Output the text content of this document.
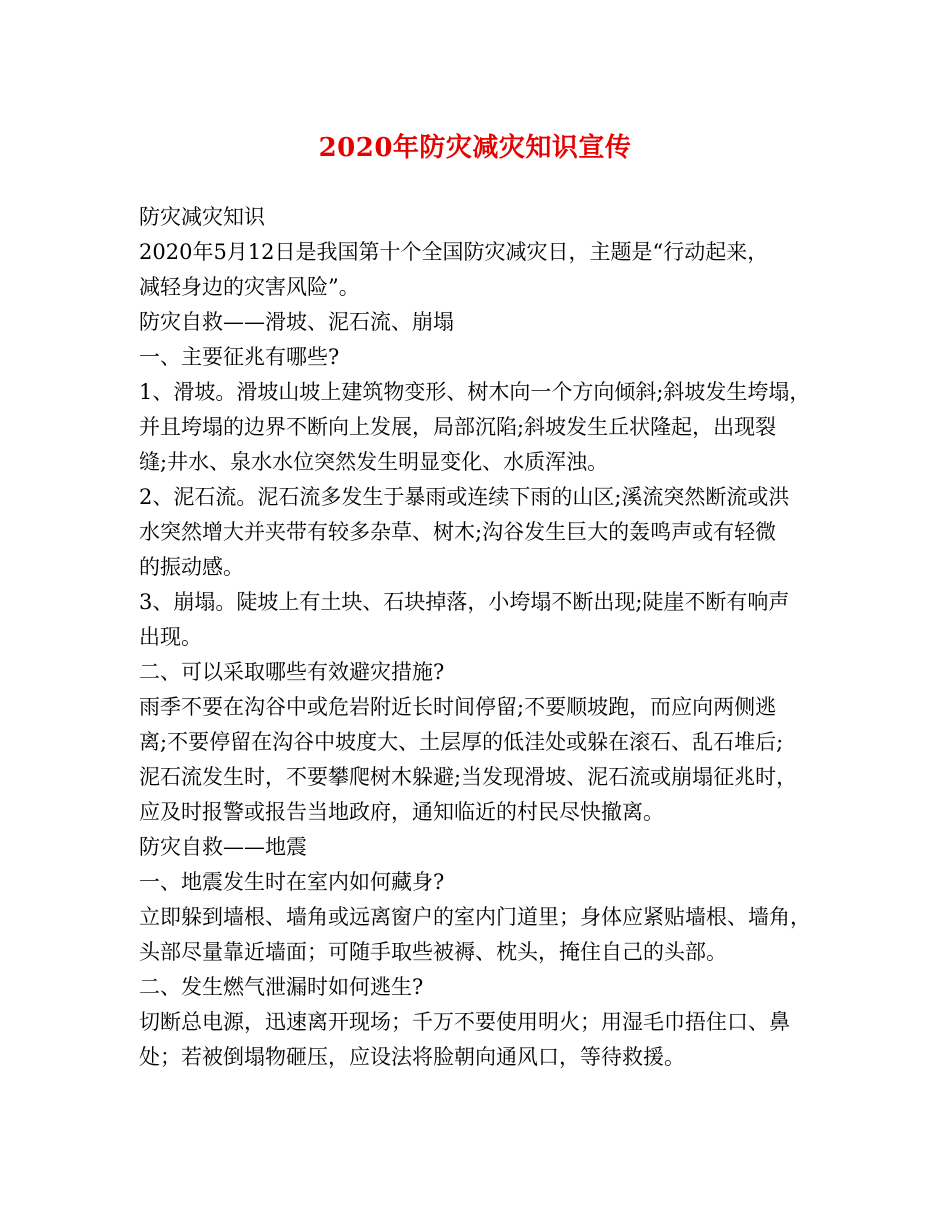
2020年防灾减灾知识宣传

防灾减灾知识

2020年5月12日是我国第十个全国防灾减灾日，主题是“行动起来，

减轻身边的灾害风险”。

防灾自救——滑坡、泥石流、崩塌

一、主要征兆有哪些?

1、滑坡。滑坡山坡上建筑物变形、树木向一个方向倾斜;斜坡发生垮塌，

并且垮塌的边界不断向上发展，局部沉陷;斜坡发生丘状隆起，出现裂

缝;井水、泉水水位突然发生明显变化、水质浑浊。

2、泥石流。泥石流多发生于暴雨或连续下雨的山区;溪流突然断流或洪

水突然增大并夹带有较多杂草、树木;沟谷发生巨大的轰鸣声或有轻微

的振动感。

3、崩塌。陡坡上有土块、石块掉落，小垮塌不断出现;陡崖不断有响声

出现。

二、可以采取哪些有效避灾措施?

雨季不要在沟谷中或危岩附近长时间停留;不要顺坡跑，而应向两侧逃

离;不要停留在沟谷中坡度大、土层厚的低洼处或躲在滚石、乱石堆后;

泥石流发生时，不要攀爬树木躲避;当发现滑坡、泥石流或崩塌征兆时，

应及时报警或报告当地政府，通知临近的村民尽快撤离。

防灾自救——地震

一、地震发生时在室内如何藏身?

立即躲到墙根、墙角或远离窗户的室内门道里；身体应紧贴墙根、墙角，

头部尽量靠近墙面；可随手取些被褥、枕头，掩住自己的头部。

二、发生燃气泄漏时如何逃生?

切断总电源，迅速离开现场；千万不要使用明火；用湿毛巾捂住口、鼻

处；若被倒塌物砸压，应设法将脸朝向通风口，等待救援。
